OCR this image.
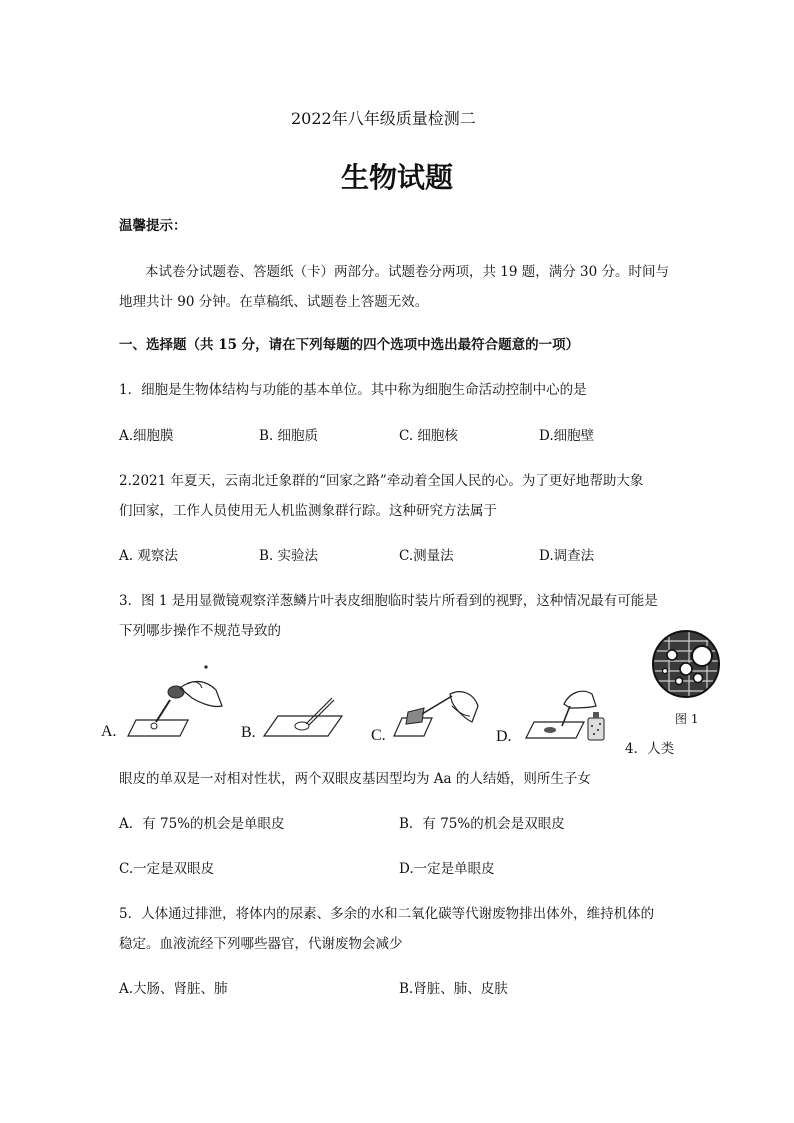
2022年八年级质量检测二
生物试题
温馨提示：
本试卷分试题卷、答题纸（卡）两部分。试题卷分两项，共 19 题，满分 30 分。时间与
地理共计 90 分钟。在草稿纸、试题卷上答题无效。
一、选择题（共 15 分，请在下列每题的四个选项中选出最符合题意的一项）
1．细胞是生物体结构与功能的基本单位。其中称为细胞生命活动控制中心的是
A.细胞膜	B. 细胞质	C. 细胞核	D.细胞壁
2.2021 年夏天，云南北迁象群的“回家之路”牵动着全国人民的心。为了更好地帮助大象
们回家，工作人员使用无人机监测象群行踪。这种研究方法属于
A. 观察法	B. 实验法	C.测量法	D.调查法
3．图 1 是用显微镜观察洋葱鳞片叶表皮细胞临时装片所看到的视野，这种情况最有可能是
下列哪步操作不规范导致的
A.	B.	C.	D.
图 1
4．人类
眼皮的单双是一对相对性状，两个双眼皮基因型均为 Aa 的人结婚，则所生子女
A．有 75%的机会是单眼皮	B．有 75%的机会是双眼皮
C.一定是双眼皮	D.一定是单眼皮
5．人体通过排泄，将体内的尿素、多余的水和二氧化碳等代谢废物排出体外，维持机体的
稳定。血液流经下列哪些器官，代谢废物会减少
A.大肠、肾脏、肺	B.肾脏、肺、皮肤
